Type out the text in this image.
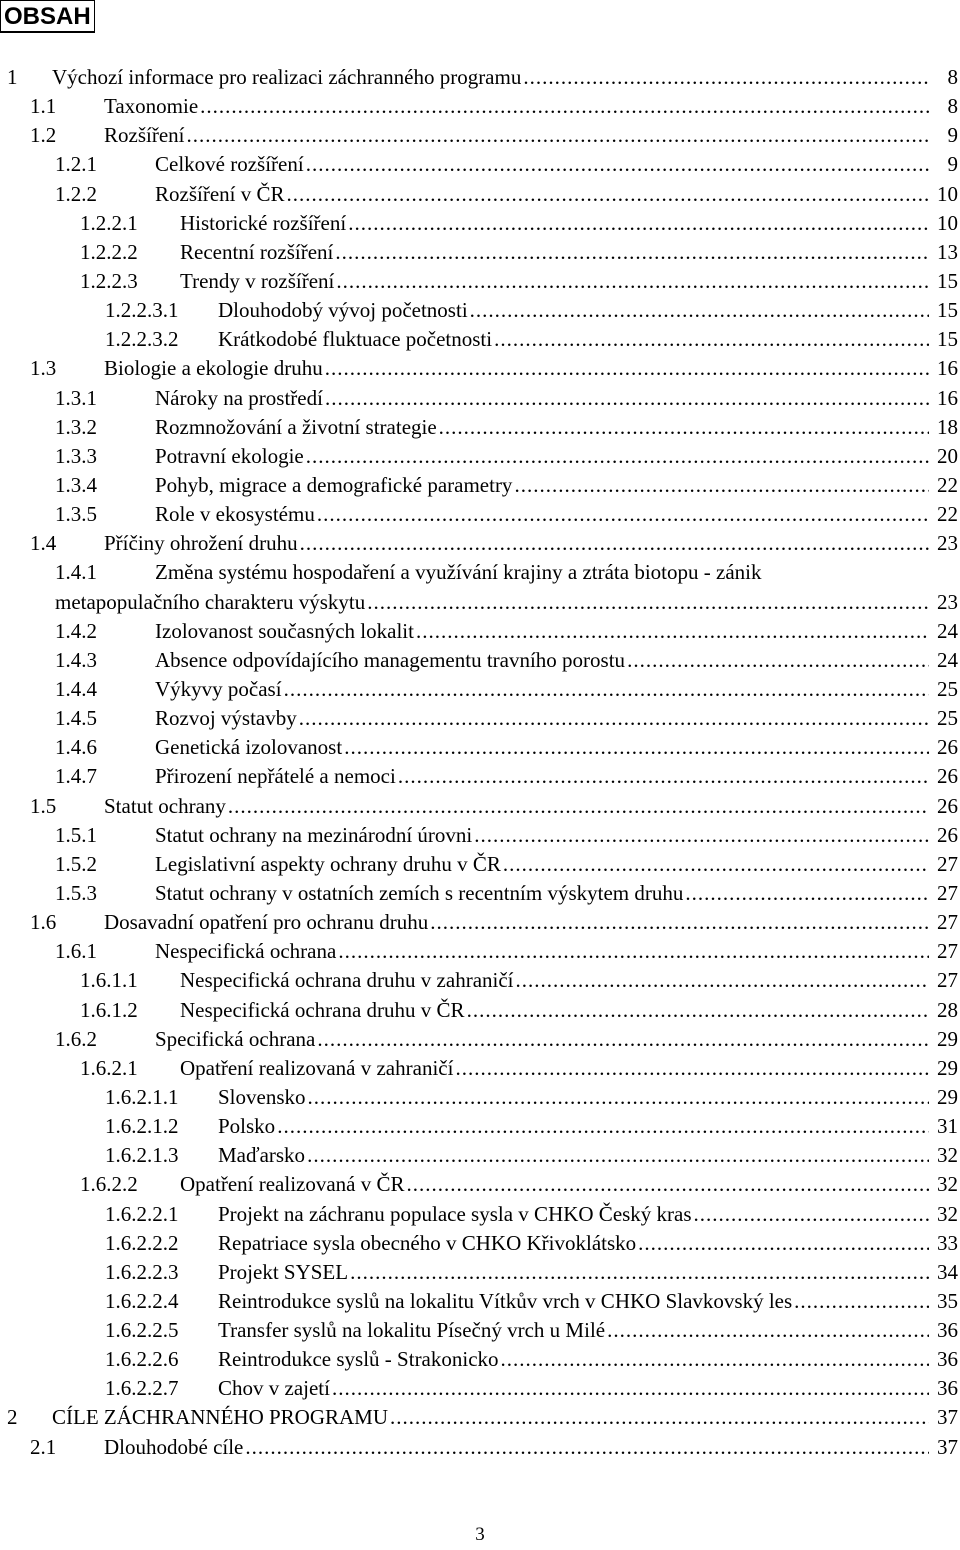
OBSAH
1 Výchozí informace pro realizaci záchranného programu .....	8
1.1 Taxonomie .....	8
1.2 Rozšíření .....	9
1.2.1	Celkové rozšíření .....	9
1.2.2	Rozšíření v ČR .....	10
1.2.2.1 Historické rozšíření .....	10
1.2.2.2 Recentní rozšíření .....	13
1.2.2.3 Trendy v rozšíření .....	15
1.2.2.3.1 Dlouhodobý vývoj početnosti .....	15
1.2.2.3.2 Krátkodobé fluktuace početnosti .....	15
1.3 Biologie a ekologie druhu .....	16
1.3.1	Nároky na prostředí .....	16
1.3.2	Rozmnožování a životní strategie .....	18
1.3.3	Potravní ekologie .....	20
1.3.4	Pohyb, migrace a demografické parametry .....	22
1.3.5	Role v ekosystému .....	22
1.4 Příčiny ohrožení druhu .....	23
1.4.1	Změna systému hospodaření a využívání krajiny a ztráta biotopu - zánik
metapopulačního charakteru výskytu .....	23
1.4.2	Izolovanost současných lokalit .....	24
1.4.3	Absence odpovídajícího managementu travního porostu .....	24
1.4.4	Výkyvy počasí .....	25
1.4.5	Rozvoj výstavby .....	25
1.4.6	Genetická izolovanost .....	26
1.4.7	Přirození nepřátelé a nemoci .....	26
1.5 Statut ochrany .....	26
1.5.1	Statut ochrany na mezinárodní úrovni .....	26
1.5.2	Legislativní aspekty ochrany druhu v ČR .....	27
1.5.3	Statut ochrany v ostatních zemích s recentním výskytem druhu .....	27
1.6 Dosavadní opatření pro ochranu druhu .....	27
1.6.1	Nespecifická ochrana .....	27
1.6.1.1 Nespecifická ochrana druhu v zahraničí .....	27
1.6.1.2 Nespecifická ochrana druhu v ČR .....	28
1.6.2	Specifická ochrana .....	29
1.6.2.1 Opatření realizovaná v zahraničí .....	29
1.6.2.1.1 Slovensko .....	29
1.6.2.1.2 Polsko .....	31
1.6.2.1.3 Maďarsko .....	32
1.6.2.2 Opatření realizovaná v ČR .....	32
1.6.2.2.1 Projekt na záchranu populace sysla v CHKO Český kras .....	32
1.6.2.2.2 Repatriace sysla obecného v CHKO Křivoklátsko .....	33
1.6.2.2.3 Projekt SYSEL .....	34
1.6.2.2.4 Reintrodukce syslů na lokalitu Vítkův vrch v CHKO Slavkovský les .....	35
1.6.2.2.5 Transfer syslů na lokalitu Písečný vrch u Milé .....	36
1.6.2.2.6 Reintrodukce syslů - Strakonicko .....	36
1.6.2.2.7 Chov v zajetí .....	36
2 CÍLE ZÁCHRANNÉHO PROGRAMU .....	37
2.1 Dlouhodobé cíle .....	37
3
